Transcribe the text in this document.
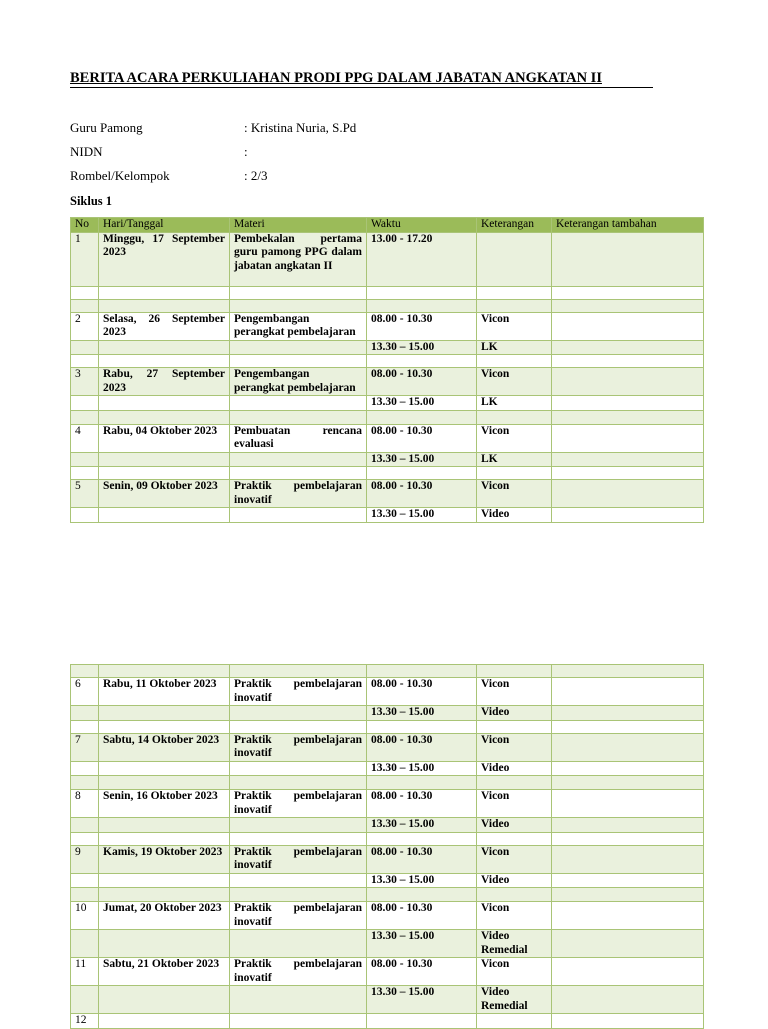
BERITA ACARA PERKULIAHAN PRODI PPG DALAM JABATAN ANGKATAN II
Guru Pamong	: Kristina Nuria, S.Pd
NIDN	:
Rombel/Kelompok	: 2/3
Siklus 1
No	Hari/Tanggal	Materi	Waktu	Keterangan	Keterangan tambahan
1	Minggu, 17 September 2023	Pembekalan pertama guru pamong PPG dalam jabatan angkatan II	13.00 - 17.20		

2	Selasa, 26 September 2023	Pengembangan perangkat pembelajaran	08.00 - 10.30	Vicon	
			13.30 – 15.00	LK	

3	Rabu, 27 September 2023	Pengembangan perangkat pembelajaran	08.00 - 10.30	Vicon	
			13.30 – 15.00	LK	

4	Rabu, 04 Oktober 2023	Pembuatan rencana evaluasi	08.00 - 10.30	Vicon	
			13.30 – 15.00	LK	

5	Senin, 09 Oktober 2023	Praktik pembelajaran inovatif	08.00 - 10.30	Vicon	
			13.30 – 15.00	Video	

6	Rabu, 11 Oktober 2023	Praktik pembelajaran inovatif	08.00 - 10.30	Vicon	
			13.30 – 15.00	Video	

7	Sabtu, 14 Oktober 2023	Praktik pembelajaran inovatif	08.00 - 10.30	Vicon	
			13.30 – 15.00	Video	

8	Senin, 16 Oktober 2023	Praktik pembelajaran inovatif	08.00 - 10.30	Vicon	
			13.30 – 15.00	Video	

9	Kamis, 19 Oktober 2023	Praktik pembelajaran inovatif	08.00 - 10.30	Vicon	
			13.30 – 15.00	Video	

10	Jumat, 20 Oktober 2023	Praktik pembelajaran inovatif	08.00 - 10.30	Vicon	
			13.30 – 15.00	Video Remedial	
11	Sabtu, 21 Oktober 2023	Praktik pembelajaran inovatif	08.00 - 10.30	Vicon	
			13.30 – 15.00	Video Remedial	
12					
